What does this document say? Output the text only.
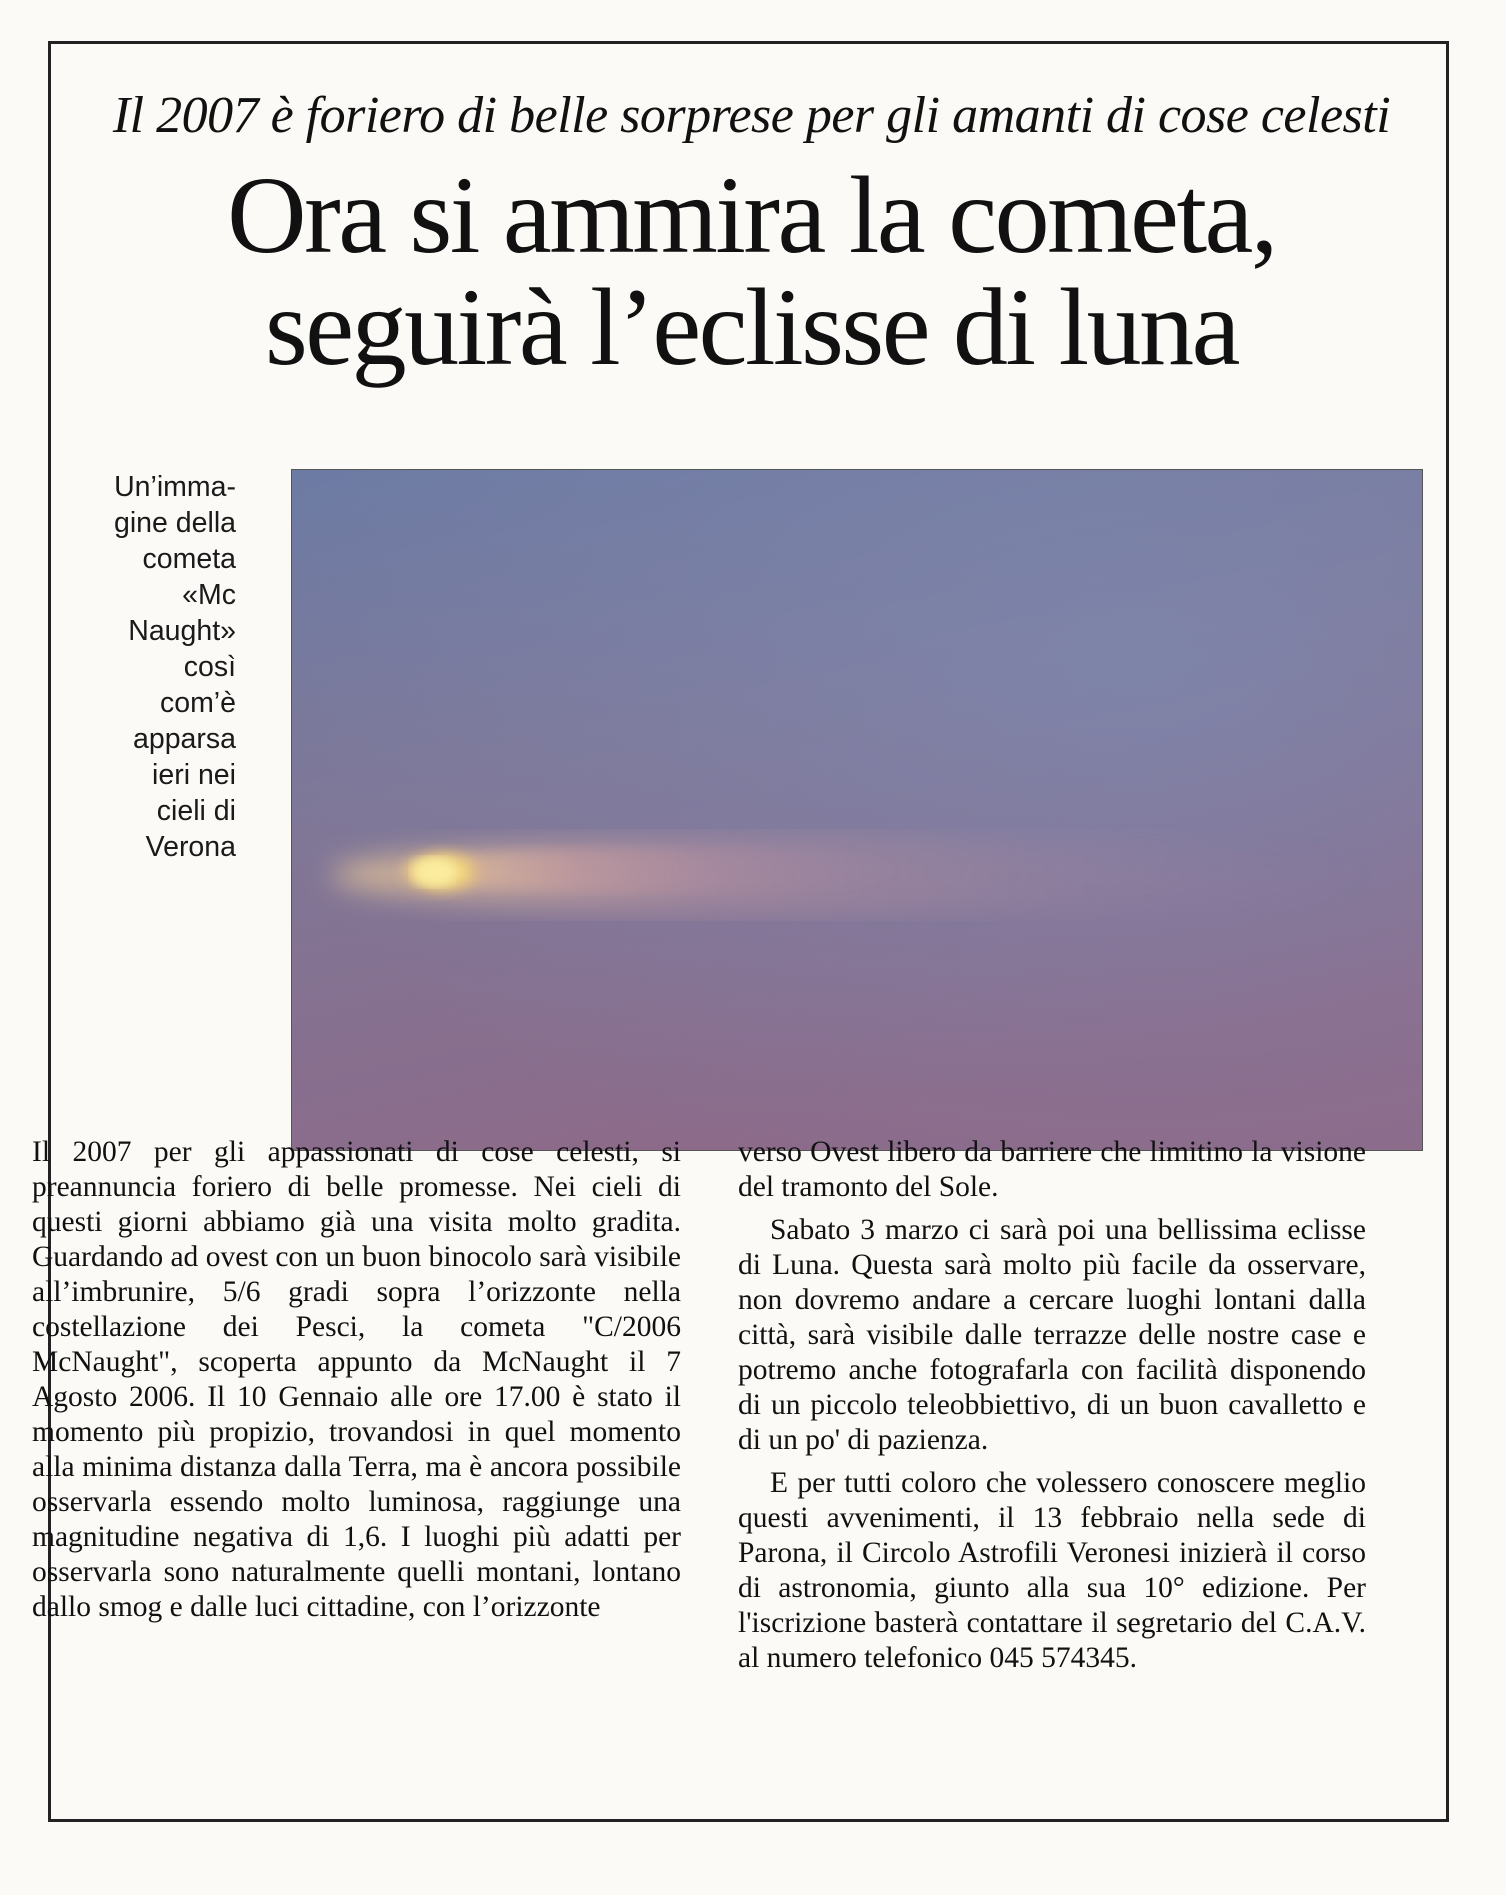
Il 2007 è foriero di belle sorprese per gli amanti di cose celesti
Ora si ammira la cometa,
seguirà l’eclisse di luna
Un’imma-
gine della
cometa
«Mc
Naught»
così
com’è
apparsa
ieri nei
cieli di
Verona

Il 2007 per gli appassionati di cose celesti, si preannuncia foriero di belle promesse. Nei cieli di questi giorni abbiamo già una visita molto gradita. Guardando ad ovest con un buon binocolo sarà visibile all’imbrunire, 5/6 gradi sopra l’orizzonte nella costellazione dei Pesci, la cometa "C/2006 McNaught", scoperta appunto da McNaught il 7 Agosto 2006. Il 10 Gennaio alle ore 17.00 è stato il momento più propizio, trovandosi in quel momento alla minima distanza dalla Terra, ma è ancora possibile osservarla essendo molto luminosa, raggiunge una magnitudine negativa di 1,6. I luoghi più adatti per osservarla sono naturalmente quelli montani, lontano dallo smog e dalle luci cittadine, con l’orizzonte

verso Ovest libero da barriere che limitino la visione del tramonto del Sole.

Sabato 3 marzo ci sarà poi una bellissima eclisse di Luna. Questa sarà molto più facile da osservare, non dovremo andare a cercare luoghi lontani dalla città, sarà visibile dalle terrazze delle nostre case e potremo anche fotografarla con facilità disponendo di un piccolo teleobbiettivo, di un buon cavalletto e di un po' di pazienza.

E per tutti coloro che volessero conoscere meglio questi avvenimenti, il 13 febbraio nella sede di Parona, il Circolo Astrofili Veronesi inizierà il corso di astronomia, giunto alla sua 10° edizione. Per l'iscrizione basterà contattare il segretario del C.A.V. al numero telefonico 045 574345.
